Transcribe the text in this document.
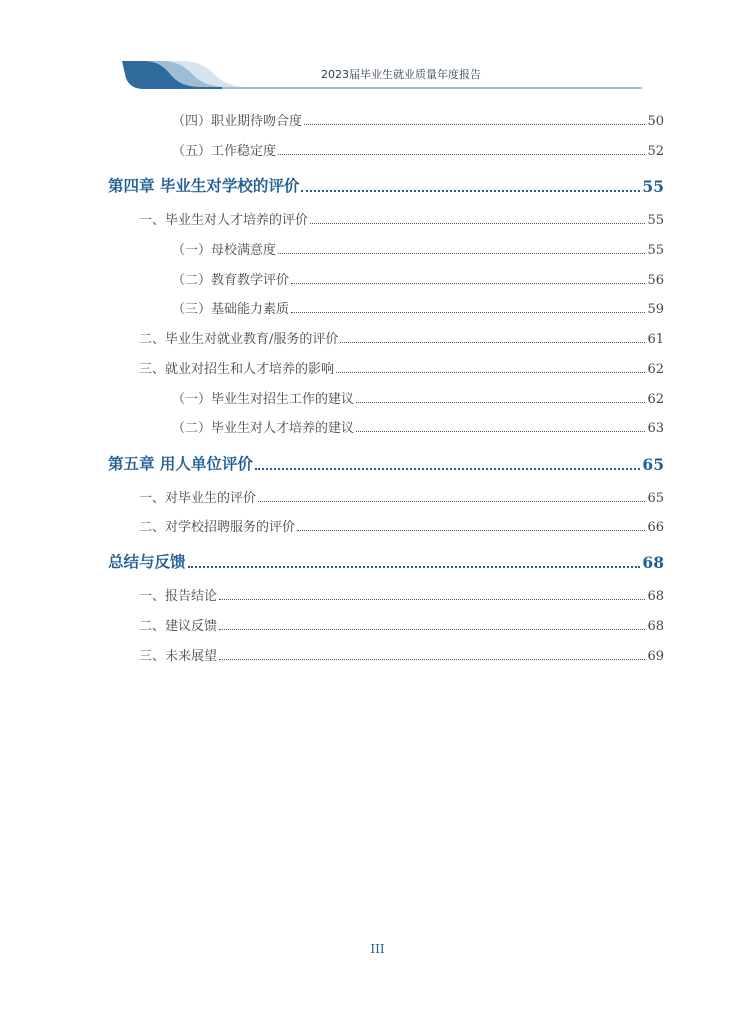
2023届毕业生就业质量年度报告
（四）职业期待吻合度	50
（五）工作稳定度	52
第四章 毕业生对学校的评价	55
一、毕业生对人才培养的评价	55
（一）母校满意度	55
（二）教育教学评价	56
（三）基础能力素质	59
二、毕业生对就业教育/服务的评价	61
三、就业对招生和人才培养的影响	62
（一）毕业生对招生工作的建议	62
（二）毕业生对人才培养的建议	63
第五章 用人单位评价	65
一、对毕业生的评价	65
二、对学校招聘服务的评价	66
总结与反馈	68
一、报告结论	68
二、建议反馈	68
三、未来展望	69
III
